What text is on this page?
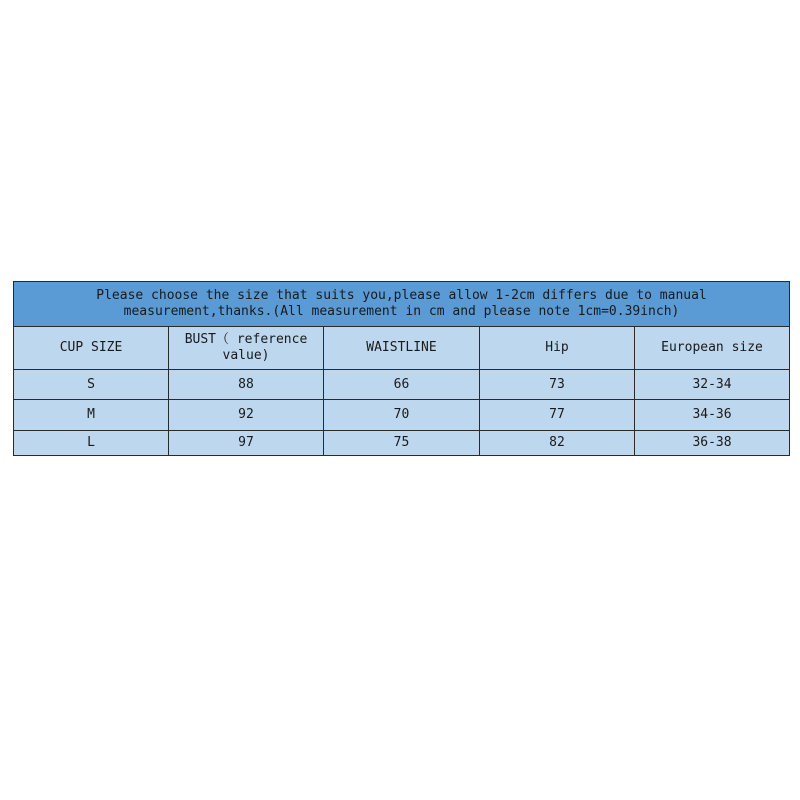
Please choose the size that suits you,please allow 1-2cm differs due to manual
measurement,thanks.(All measurement in cm and please note 1cm=0.39inch)				

CUP SIZE	BUST（ reference value)	WAISTLINE	Hip	European size
S	88	66	73	32-34
M	92	70	77	34-36
L	97	75	82	36-38
